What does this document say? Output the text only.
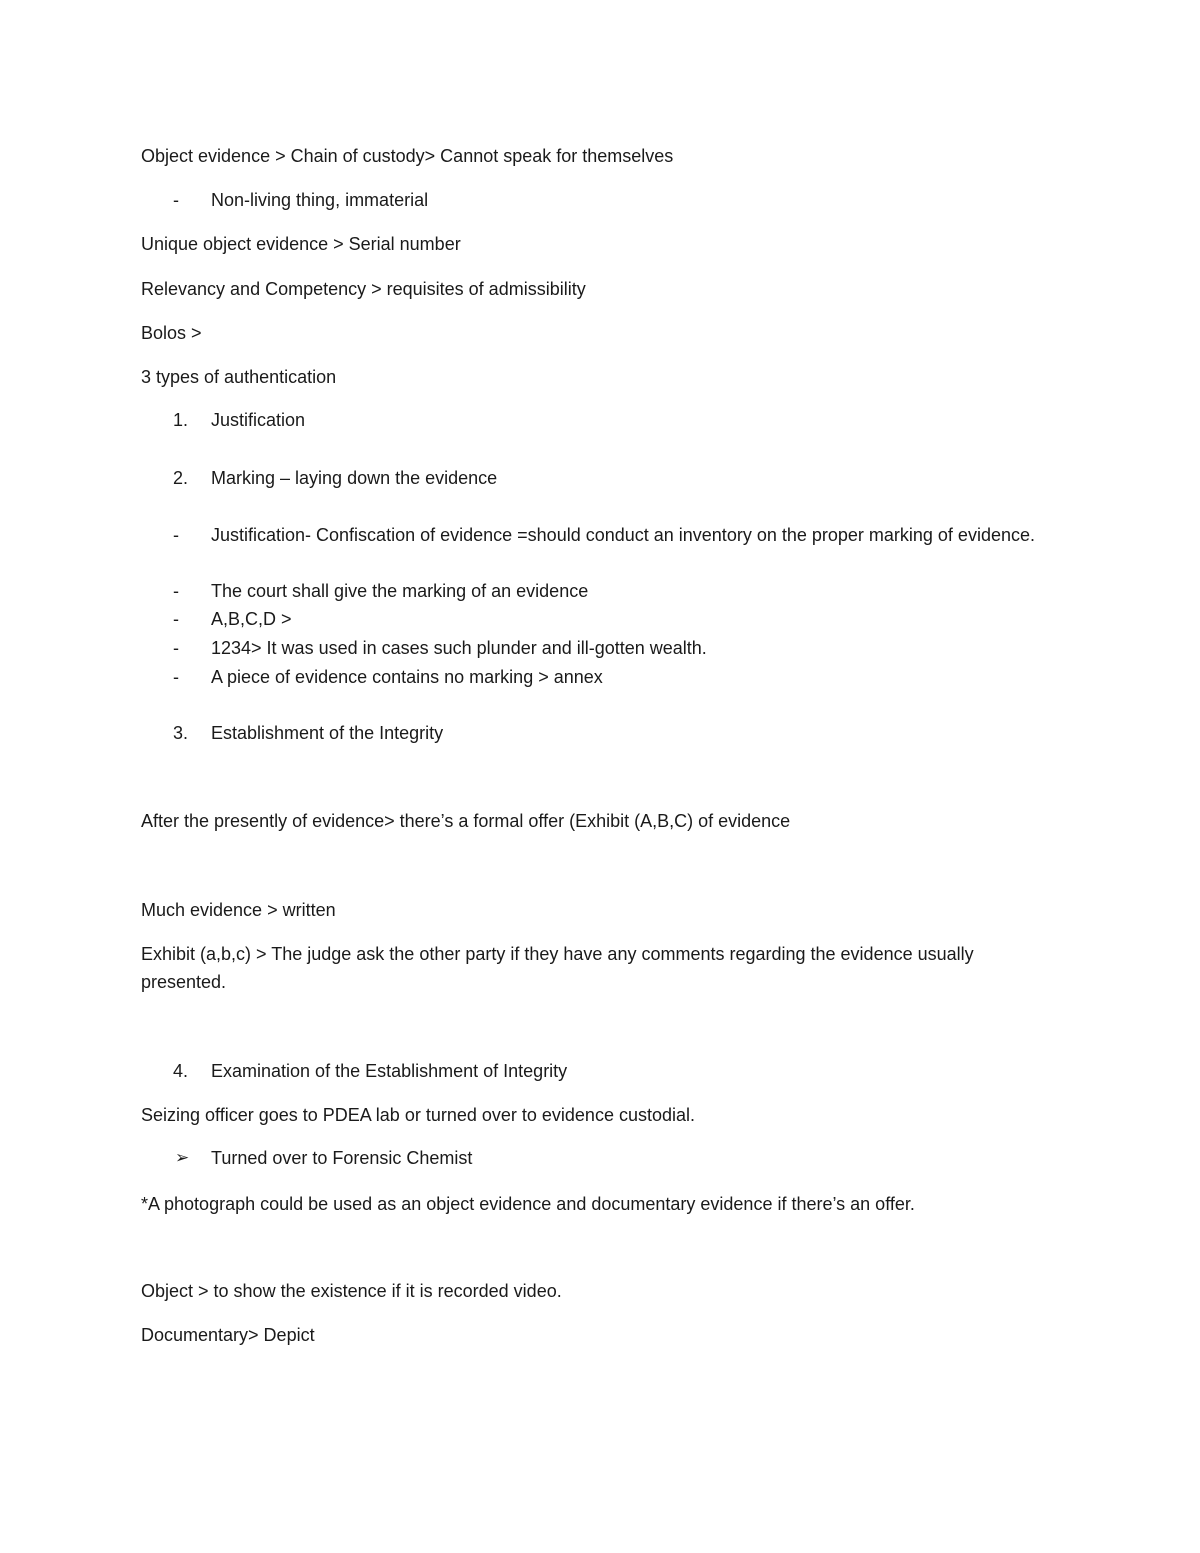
Object evidence > Chain of custody> Cannot speak for themselves

-	Non-living thing, immaterial

Unique object evidence > Serial number

Relevancy and Competency > requisites of admissibility

Bolos >

3 types of authentication

1.	Justification
2.	Marking – laying down the evidence
-	Justification- Confiscation of evidence =should conduct an inventory on the proper marking of evidence.
-	The court shall give the marking of an evidence
-	A,B,C,D >
-	1234> It was used in cases such plunder and ill-gotten wealth.
-	A piece of evidence contains no marking > annex
3.	Establishment of the Integrity

After the presently of evidence> there’s a formal offer (Exhibit (A,B,C) of evidence

Much evidence > written

Exhibit (a,b,c) > The judge ask the other party if they have any comments regarding the evidence usually presented.

4.	Examination of the Establishment of Integrity

Seizing officer goes to PDEA lab or turned over to evidence custodial.

➢	Turned over to Forensic Chemist

*A photograph could be used as an object evidence and documentary evidence if there’s an offer.

Object > to show the existence if it is recorded video.

Documentary> Depict
